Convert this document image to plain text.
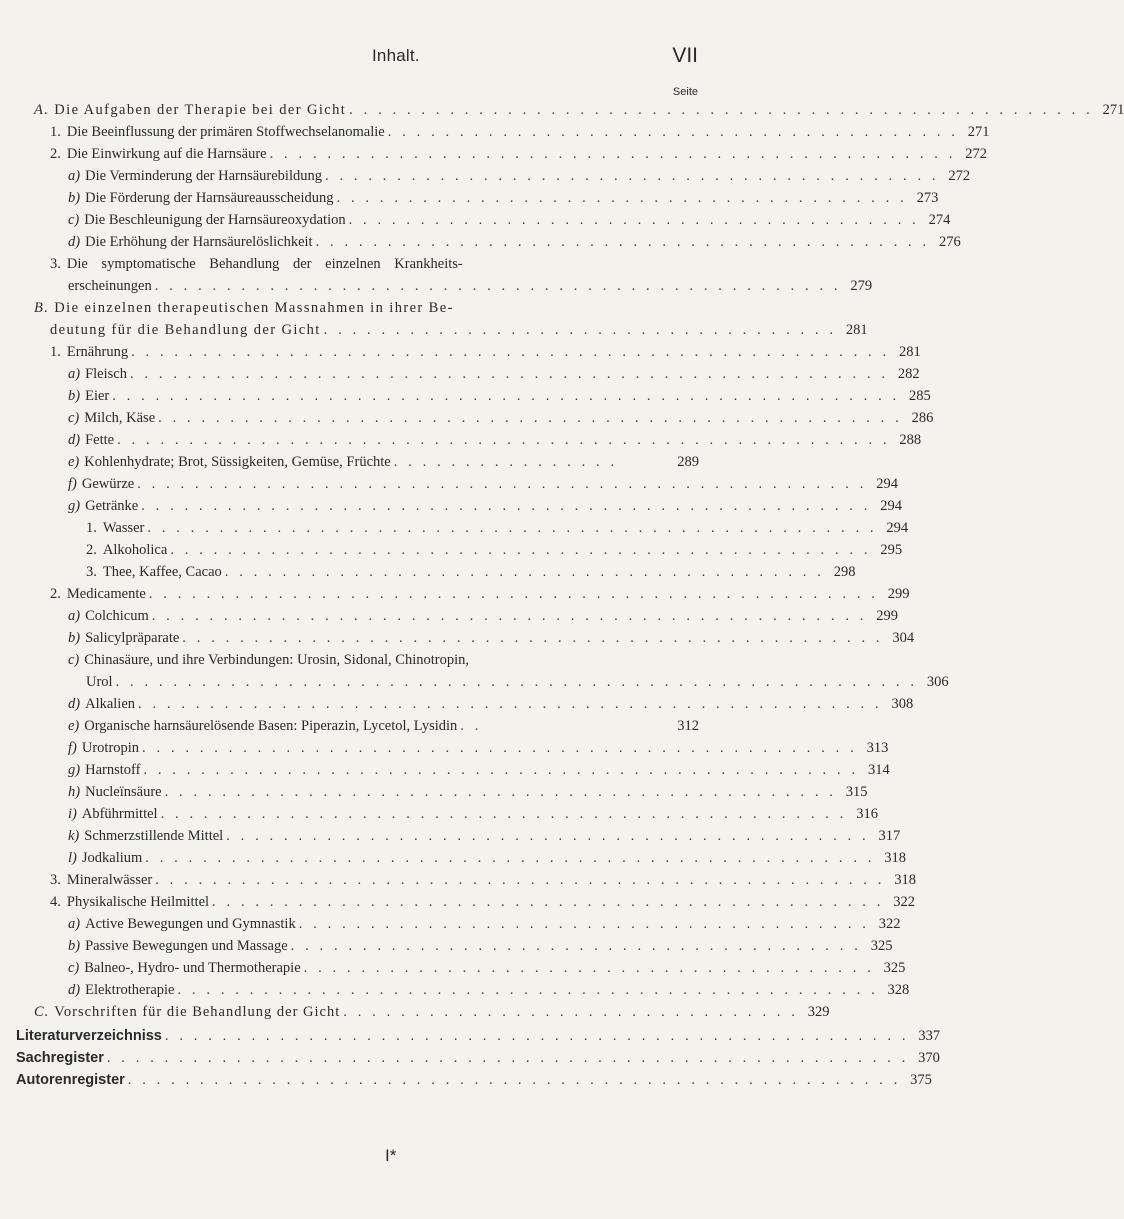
Inhalt.	VII
Seite
A. Die Aufgaben der Therapie bei der Gicht . . . . . . . . . . . . . . . . . . . . . . . . . . . . . . . . . . . . . . . . . . . . . . . . . . . . 271
1. Die Beeinflussung der primären Stoffwechselanomalie . . . . . . . . . . . . . . . . . . . . . . . . . . . . . . . . . . . . . . . . 271
2. Die Einwirkung auf die Harnsäure . . . . . . . . . . . . . . . . . . . . . . . . . . . . . . . . . . . . . . . . . . . . . . . . 272
a) Die Verminderung der Harnsäurebildung . . . . . . . . . . . . . . . . . . . . . . . . . . . . . . . . . . . . . . . . . . . 272
b) Die Förderung der Harnsäureausscheidung . . . . . . . . . . . . . . . . . . . . . . . . . . . . . . . . . . . . . . . . 273
c) Die Beschleunigung der Harnsäureoxydation . . . . . . . . . . . . . . . . . . . . . . . . . . . . . . . . . . . . . . . . 274
d) Die Erhöhung der Harnsäurelöslichkeit . . . . . . . . . . . . . . . . . . . . . . . . . . . . . . . . . . . . . . . . . . . 276
3. Die symptomatische Behandlung der einzelnen Krankheits-
erscheinungen . . . . . . . . . . . . . . . . . . . . . . . . . . . . . . . . . . . . . . . . . . . . . . . . 279
B. Die einzelnen therapeutischen Massnahmen in ihrer Be-
deutung für die Behandlung der Gicht . . . . . . . . . . . . . . . . . . . . . . . . . . . . . . . . . . . . 281
1. Ernährung . . . . . . . . . . . . . . . . . . . . . . . . . . . . . . . . . . . . . . . . . . . . . . . . . . . . . 281
a) Fleisch . . . . . . . . . . . . . . . . . . . . . . . . . . . . . . . . . . . . . . . . . . . . . . . . . . . . . 282
b) Eier . . . . . . . . . . . . . . . . . . . . . . . . . . . . . . . . . . . . . . . . . . . . . . . . . . . . . . . 285
c) Milch, Käse . . . . . . . . . . . . . . . . . . . . . . . . . . . . . . . . . . . . . . . . . . . . . . . . . . . . 286
d) Fette . . . . . . . . . . . . . . . . . . . . . . . . . . . . . . . . . . . . . . . . . . . . . . . . . . . . . . 288
e) Kohlenhydrate; Brot, Süssigkeiten, Gemüse, Früchte . . . . . . . . . . . . . . . .	289
f) Gewürze . . . . . . . . . . . . . . . . . . . . . . . . . . . . . . . . . . . . . . . . . . . . . . . . . . . 294
g) Getränke . . . . . . . . . . . . . . . . . . . . . . . . . . . . . . . . . . . . . . . . . . . . . . . . . . . 294
1. Wasser . . . . . . . . . . . . . . . . . . . . . . . . . . . . . . . . . . . . . . . . . . . . . . . . . . . 294
2. Alkoholica . . . . . . . . . . . . . . . . . . . . . . . . . . . . . . . . . . . . . . . . . . . . . . . . . 295
3. Thee, Kaffee, Cacao . . . . . . . . . . . . . . . . . . . . . . . . . . . . . . . . . . . . . . . . . . 298
2. Medicamente . . . . . . . . . . . . . . . . . . . . . . . . . . . . . . . . . . . . . . . . . . . . . . . . . . . 299
a) Colchicum . . . . . . . . . . . . . . . . . . . . . . . . . . . . . . . . . . . . . . . . . . . . . . . . . . 299
b) Salicylpräparate . . . . . . . . . . . . . . . . . . . . . . . . . . . . . . . . . . . . . . . . . . . . . . . . . 304
c) Chinasäure, und ihre Verbindungen: Urosin, Sidonal, Chinotropin,
Urol . . . . . . . . . . . . . . . . . . . . . . . . . . . . . . . . . . . . . . . . . . . . . . . . . . . . . . . . 306
d) Alkalien . . . . . . . . . . . . . . . . . . . . . . . . . . . . . . . . . . . . . . . . . . . . . . . . . . . . 308
e) Organische harnsäurelösende Basen: Piperazin, Lycetol, Lysidin . .	312
f) Urotropin . . . . . . . . . . . . . . . . . . . . . . . . . . . . . . . . . . . . . . . . . . . . . . . . . . 313
g) Harnstoff . . . . . . . . . . . . . . . . . . . . . . . . . . . . . . . . . . . . . . . . . . . . . . . . . . 314
h) Nucleïnsäure . . . . . . . . . . . . . . . . . . . . . . . . . . . . . . . . . . . . . . . . . . . . . . . 315
i) Abführmittel . . . . . . . . . . . . . . . . . . . . . . . . . . . . . . . . . . . . . . . . . . . . . . . . 316
k) Schmerzstillende Mittel . . . . . . . . . . . . . . . . . . . . . . . . . . . . . . . . . . . . . . . . . . . . . 317
l) Jodkalium . . . . . . . . . . . . . . . . . . . . . . . . . . . . . . . . . . . . . . . . . . . . . . . . . . . 318
3. Mineralwässer . . . . . . . . . . . . . . . . . . . . . . . . . . . . . . . . . . . . . . . . . . . . . . . . . . . 318
4. Physikalische Heilmittel . . . . . . . . . . . . . . . . . . . . . . . . . . . . . . . . . . . . . . . . . . . . . . . 322
a) Active Bewegungen und Gymnastik . . . . . . . . . . . . . . . . . . . . . . . . . . . . . . . . . . . . . . . . 322
b) Passive Bewegungen und Massage . . . . . . . . . . . . . . . . . . . . . . . . . . . . . . . . . . . . . . . . 325
c) Balneo-, Hydro- und Thermotherapie . . . . . . . . . . . . . . . . . . . . . . . . . . . . . . . . . . . . . . . . 325
d) Elektrotherapie . . . . . . . . . . . . . . . . . . . . . . . . . . . . . . . . . . . . . . . . . . . . . . . . . 328
C. Vorschriften für die Behandlung der Gicht . . . . . . . . . . . . . . . . . . . . . . . . . . . . . . . . 329
Literaturverzeichniss . . . . . . . . . . . . . . . . . . . . . . . . . . . . . . . . . . . . . . . . . . . . . . . . . . . . 337
Sachregister . . . . . . . . . . . . . . . . . . . . . . . . . . . . . . . . . . . . . . . . . . . . . . . . . . . . . . . . 370
Autorenregister . . . . . . . . . . . . . . . . . . . . . . . . . . . . . . . . . . . . . . . . . . . . . . . . . . . . . . 375
I*
